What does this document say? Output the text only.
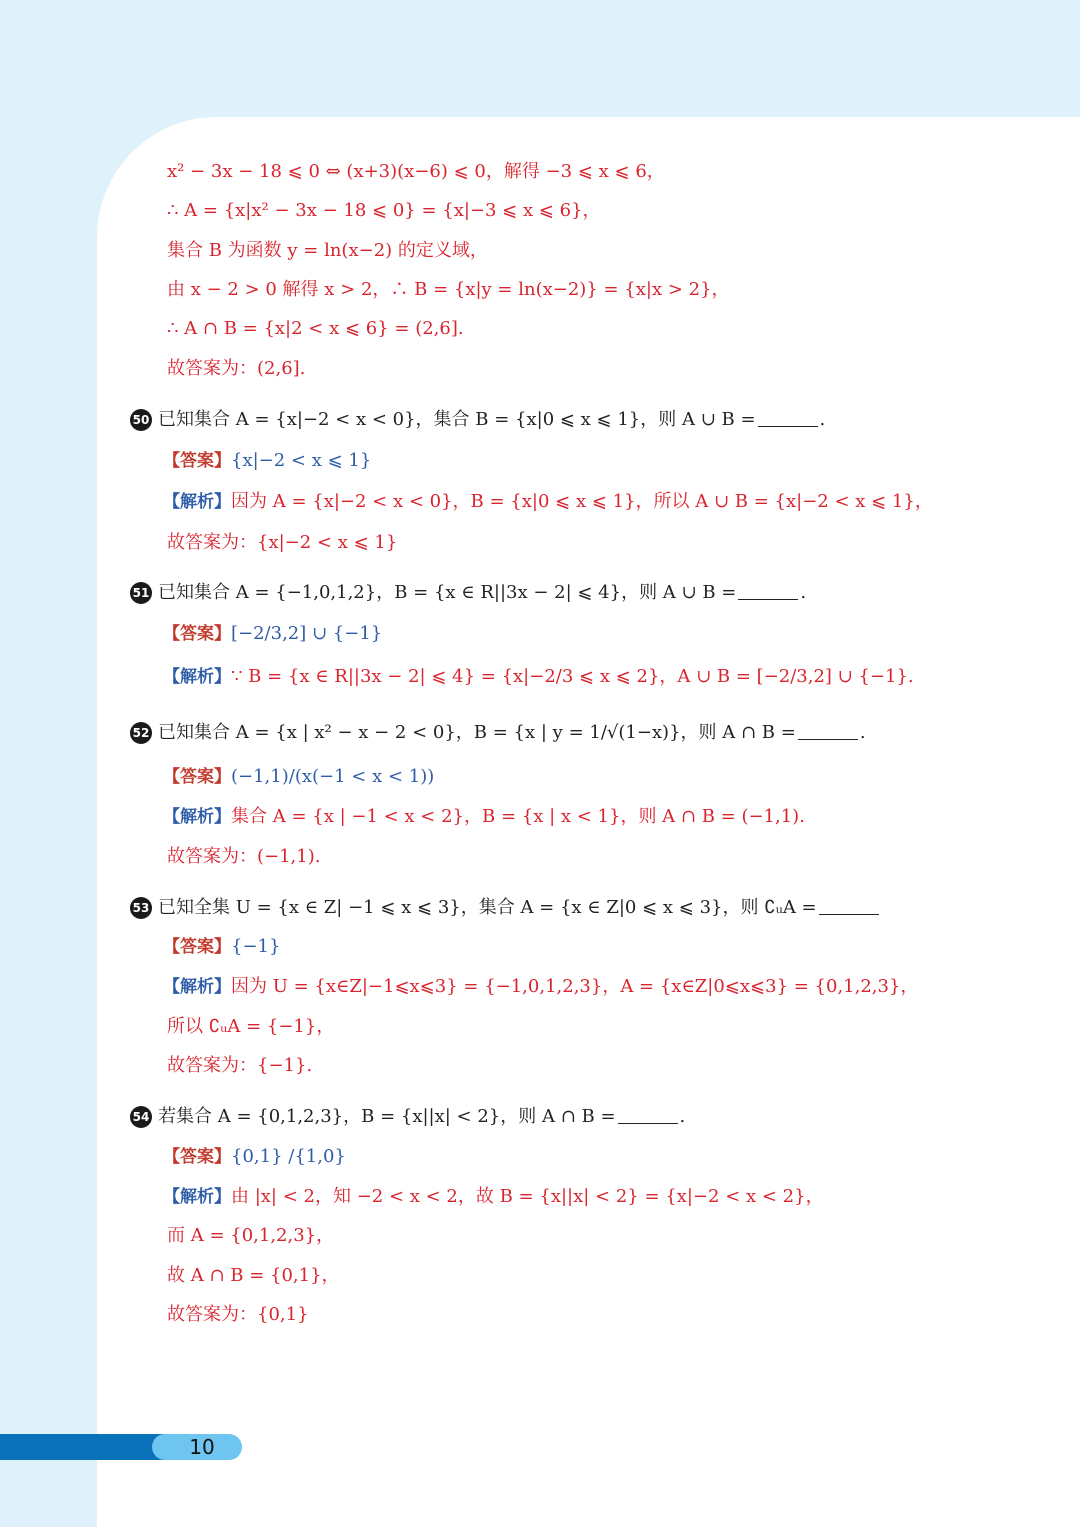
x² − 3x − 18 ⩽ 0 ⇔ (x+3)(x−6) ⩽ 0，解得 −3 ⩽ x ⩽ 6，
∴ A = {x|x² − 3x − 18 ⩽ 0} = {x|−3 ⩽ x ⩽ 6}，
集合 B 为函数 y = ln(x−2) 的定义域，
由 x − 2 > 0 解得 x > 2，∴ B = {x|y = ln(x−2)} = {x|x > 2}，
∴ A ∩ B = {x|2 < x ⩽ 6} = (2,6].
故答案为：(2,6].
50 已知集合 A = {x|−2 < x < 0}，集合 B = {x|0 ⩽ x ⩽ 1}，则 A ∪ B =	.
【答案】{x|−2 < x ⩽ 1}
【解析】因为 A = {x|−2 < x < 0}，B = {x|0 ⩽ x ⩽ 1}，所以 A ∪ B = {x|−2 < x ⩽ 1}，
故答案为：{x|−2 < x ⩽ 1}
51 已知集合 A = {−1,0,1,2}，B = {x ∈ R||3x − 2| ⩽ 4}，则 A ∪ B =	.
【答案】[−2/3,2] ∪ {−1}
【解析】∵ B = {x ∈ R||3x − 2| ⩽ 4} = {x|−2/3 ⩽ x ⩽ 2}，A ∪ B = [−2/3,2] ∪ {−1}.
52 已知集合 A = {x | x² − x − 2 < 0}，B = {x | y = 1/√(1−x)}，则 A ∩ B =	.
【答案】(−1,1)/(x(−1 < x < 1))
【解析】集合 A = {x | −1 < x < 2}，B = {x | x < 1}，则 A ∩ B = (−1,1).
故答案为：(−1,1).
53 已知全集 U = {x ∈ Z| −1 ⩽ x ⩽ 3}，集合 A = {x ∈ Z|0 ⩽ x ⩽ 3}，则 ∁ᵤA =
【答案】{−1}
【解析】因为 U = {x∈Z|−1⩽x⩽3} = {−1,0,1,2,3}，A = {x∈Z|0⩽x⩽3} = {0,1,2,3}，
所以 ∁ᵤA = {−1}，
故答案为：{−1}.
54 若集合 A = {0,1,2,3}，B = {x||x| < 2}，则 A ∩ B =	.
【答案】{0,1} /{1,0}
【解析】由 |x| < 2，知 −2 < x < 2，故 B = {x||x| < 2} = {x|−2 < x < 2}，
而 A = {0,1,2,3}，
故 A ∩ B = {0,1}，
故答案为：{0,1}
10
